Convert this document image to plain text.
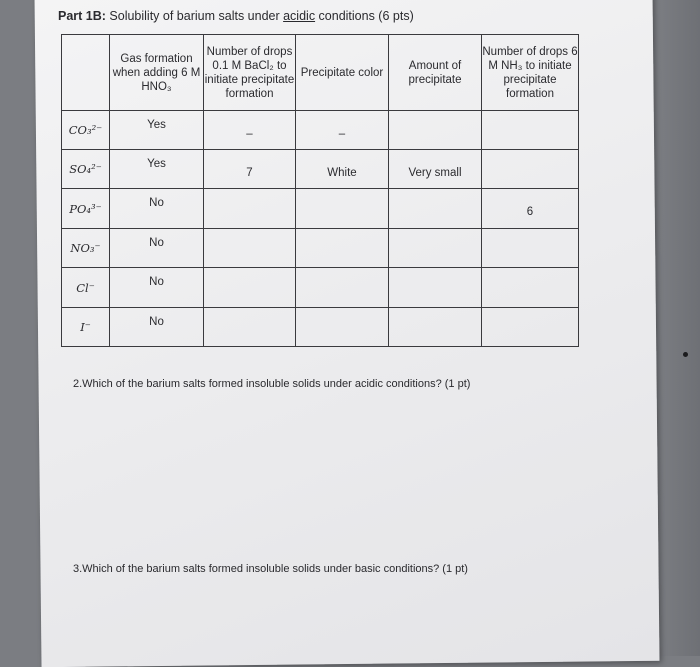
Part 1B: Solubility of barium salts under acidic conditions (6 pts)
	Gas formation when adding 6 M HNO₃	Number of drops 0.1 M BaCl₂ to initiate precipitate formation	Precipitate color	Amount of precipitate	Number of drops 6 M NH₃ to initiate precipitate formation
CO₃²⁻	Yes	–	–		

SO₄²⁻	Yes	7	White	Very small	

PO₄³⁻	No				6

NO₃⁻	No				

Cl⁻	No				

I⁻	No				

2.Which of the barium salts formed insoluble solids under acidic conditions? (1 pt)
3.Which of the barium salts formed insoluble solids under basic conditions? (1 pt)
